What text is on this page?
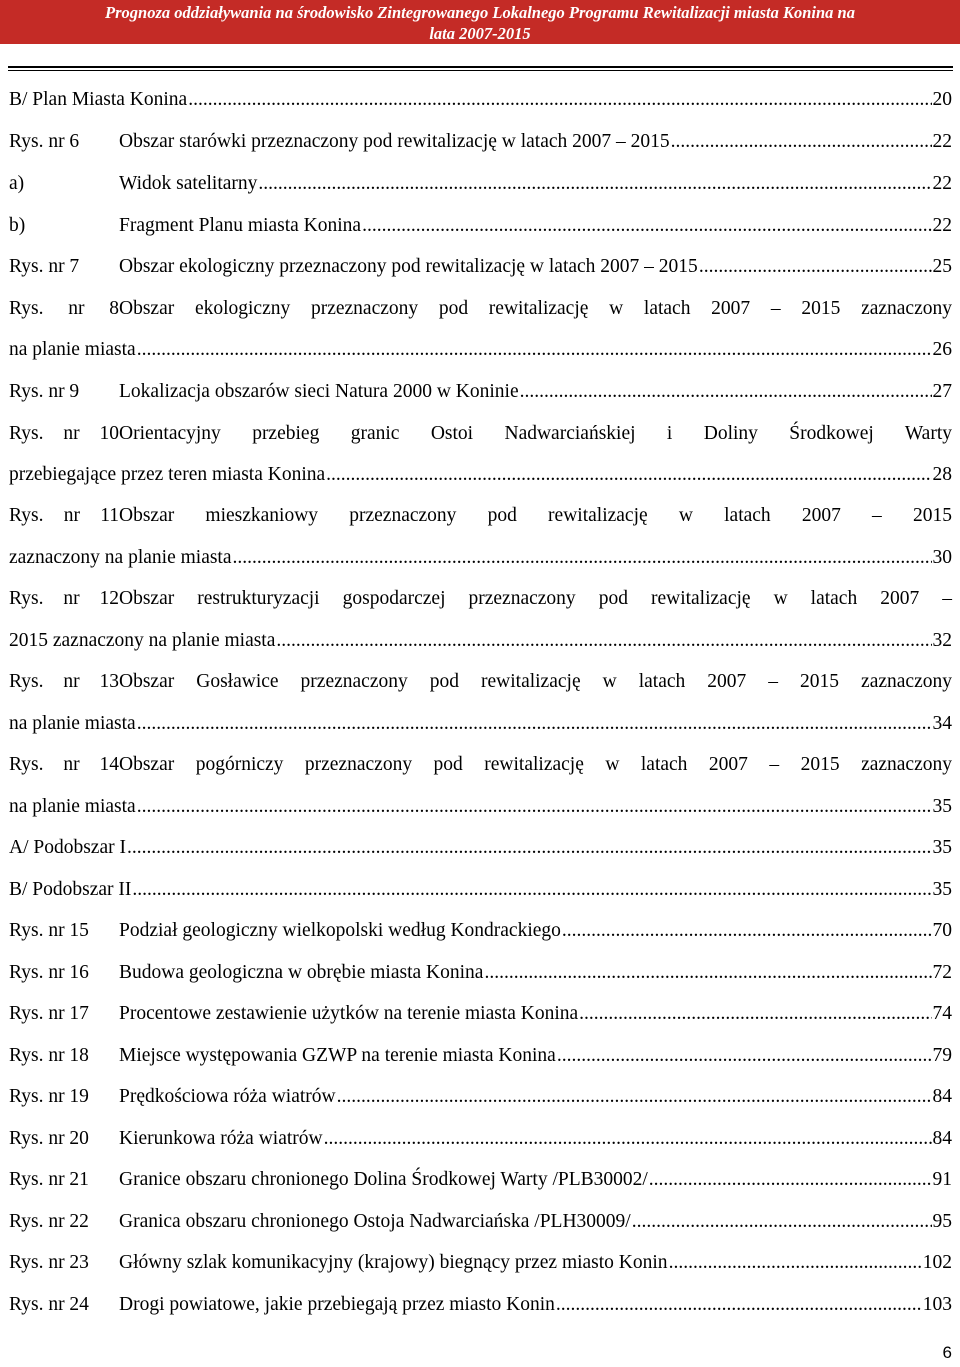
Prognoza oddziaływania na środowisko Zintegrowanego Lokalnego Programu Rewitalizacji miasta Konina na
lata 2007-2015
B/ Plan Miasta Konina .....	20
Rys. nr 6 Obszar starówki przeznaczony pod rewitalizację w latach 2007 – 2015 .....	22
a)	Widok satelitarny .....	22
b)	Fragment Planu miasta Konina .....	22
Rys. nr 7 Obszar ekologiczny przeznaczony pod rewitalizację w latach 2007 – 2015 .....	25
Rys. nr 8Obszar ekologiczny przeznaczony pod rewitalizację w latach 2007 – 2015 zaznaczony
na planie miasta .....	26
Rys. nr 9 Lokalizacja obszarów sieci Natura 2000 w Koninie .....	27
Rys. nr 10Orientacyjny przebieg granic Ostoi Nadwarciańskiej i Doliny Środkowej Warty
przebiegające przez teren miasta Konina .....	28
Rys. nr 11Obszar mieszkaniowy przeznaczony pod rewitalizację w latach 2007 – 2015
zaznaczony na planie miasta .....	30
Rys. nr 12Obszar restrukturyzacji gospodarczej przeznaczony pod rewitalizację w latach 2007 –
2015 zaznaczony na planie miasta .....	32
Rys. nr 13Obszar Gosławice przeznaczony pod rewitalizację w latach 2007 – 2015 zaznaczony
na planie miasta .....	34
Rys. nr 14Obszar pogórniczy przeznaczony pod rewitalizację w latach 2007 – 2015 zaznaczony
na planie miasta .....	35
A/ Podobszar I .....	35
B/ Podobszar II .....	35
Rys. nr 15 Podział geologiczny wielkopolski według Kondrackiego .....	70
Rys. nr 16 Budowa geologiczna w obrębie miasta Konina .....	72
Rys. nr 17 Procentowe zestawienie użytków na terenie miasta Konina .....	74
Rys. nr 18 Miejsce występowania GZWP na terenie miasta Konina .....	79
Rys. nr 19 Prędkościowa róża wiatrów .....	84
Rys. nr 20 Kierunkowa róża wiatrów .....	84
Rys. nr 21 Granice obszaru chronionego Dolina Środkowej Warty /PLB30002/ .....	91
Rys. nr 22 Granica obszaru chronionego Ostoja Nadwarciańska /PLH30009/ .....	95
Rys. nr 23 Główny szlak komunikacyjny (krajowy) biegnący przez miasto Konin .....	102
Rys. nr 24 Drogi powiatowe, jakie przebiegają przez miasto Konin .....	103
6
